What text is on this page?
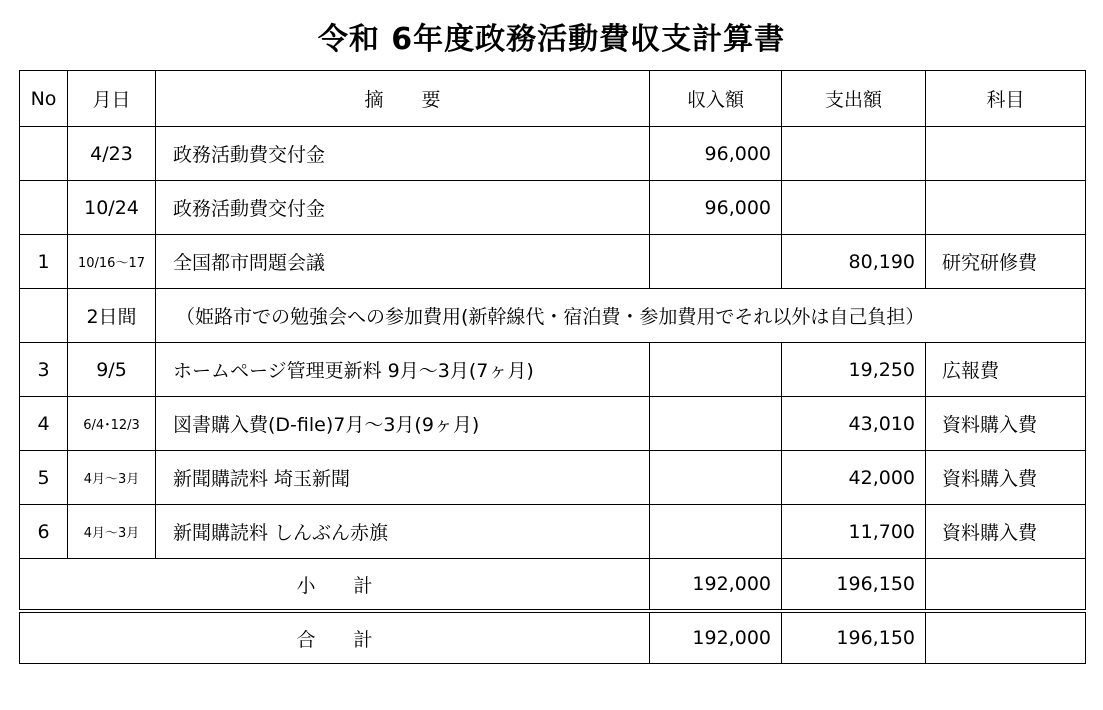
令和 6年度政務活動費収支計算書
No	月日	摘　　要	収入額	支出額	科目
	4/23	政務活動費交付金	96,000		
	10/24	政務活動費交付金	96,000		
1	10/16～17	全国都市問題会議		80,190	研究研修費
	2日間	（姫路市での勉強会への参加費用(新幹線代・宿泊費・参加費用でそれ以外は自己負担）			
3	9/5	ホームページ管理更新料 9月～3月(7ヶ月)		19,250	広報費
4	6/4･12/3	図書購入費(D-file)7月～3月(9ヶ月)		43,010	資料購入費
5	4月～3月	新聞購読料 埼玉新聞		42,000	資料購入費
6	4月～3月	新聞購読料 しんぶん赤旗		11,700	資料購入費
小　　計			192,000	196,150	
合　　計			192,000	196,150	
